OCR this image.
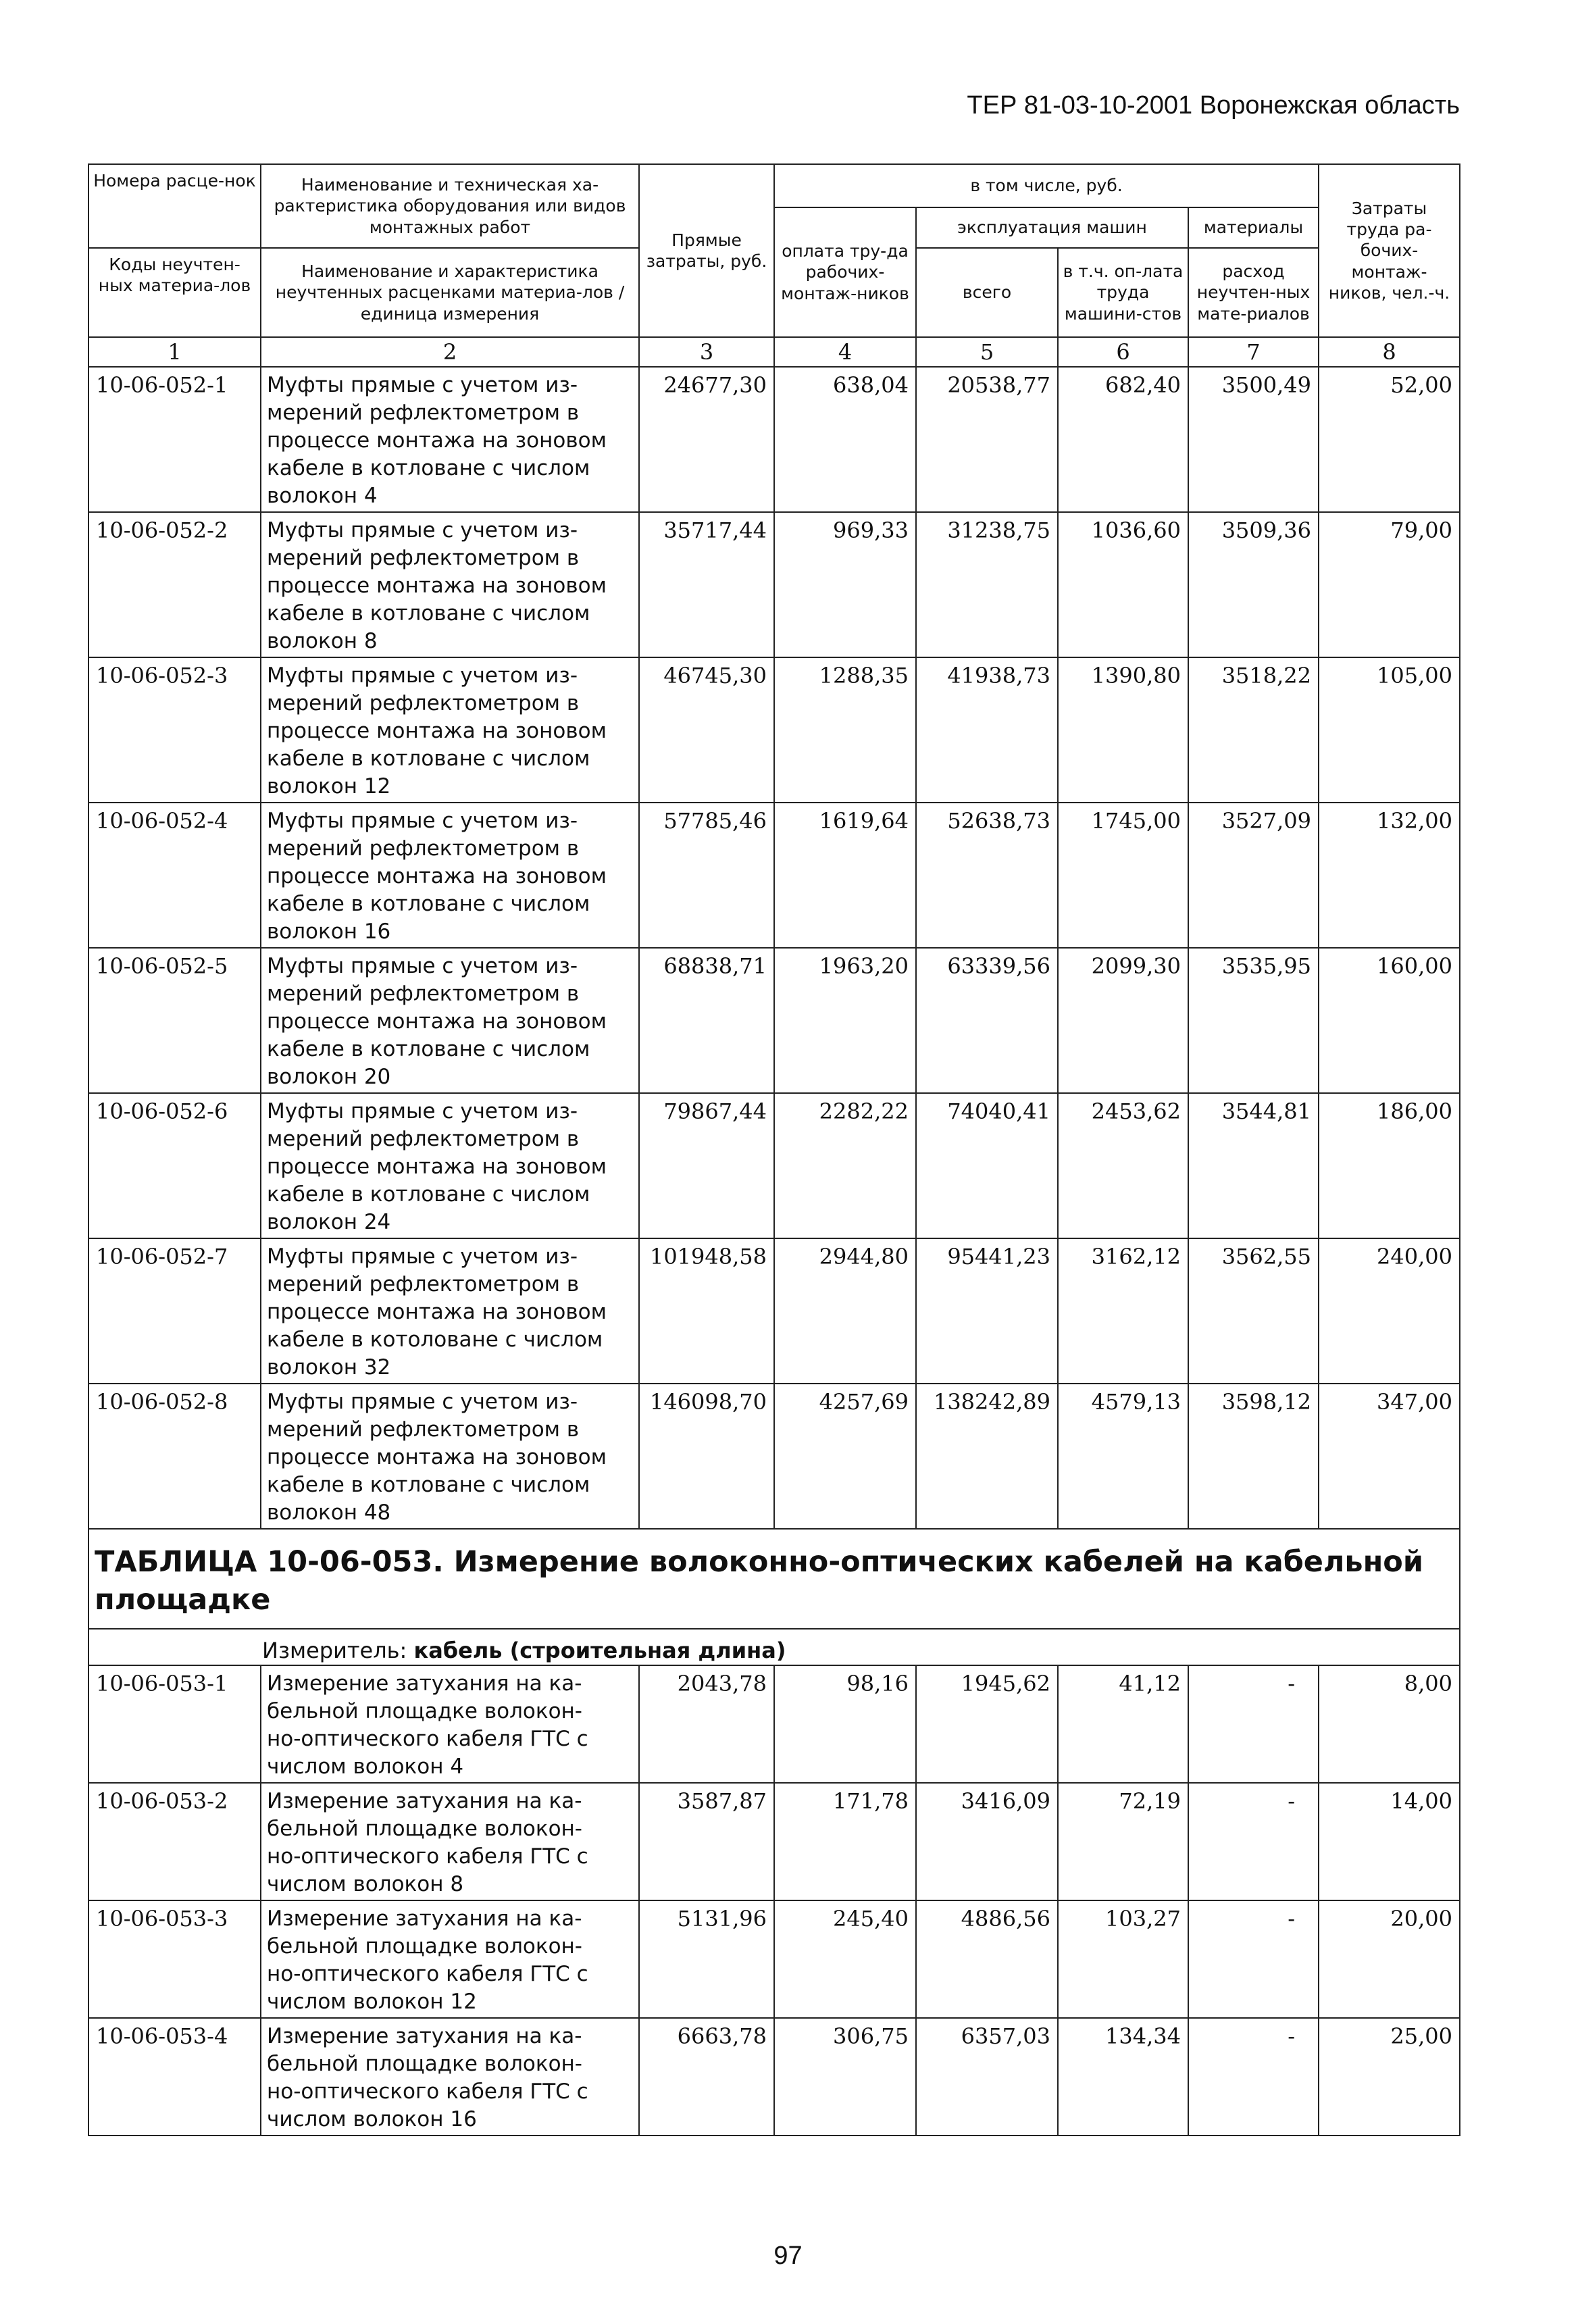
ТЕР 81-03-10-2001 Воронежская область
Номера расце-нок	Наименование и техническая ха-рактеристика оборудования или видов монтажных работ	Прямые затраты, руб.	в том числе, руб.				Затраты труда ра-бочих-монтаж-ников, чел.-ч.
			оплата тру-да рабочих-монтаж-ников	эксплуатация машин		материалы	
Коды неучтен-ных материа-лов	Наименование и характеристика неучтенных расценками материа-лов / единица измерения			всего	в т.ч. оп-лата труда машини-стов	расход неучтен-ных мате-риалов	

1	2	3	4	5	6	7	8
10-06-052-1	Муфты прямые с учетом из-
мерений рефлектометром в
процессе монтажа на зоновом
кабеле в котловане с числом
волокон 4	24677,30	638,04	20538,77	682,40	3500,49	52,00
10-06-052-2	Муфты прямые с учетом из-
мерений рефлектометром в
процессе монтажа на зоновом
кабеле в котловане с числом
волокон 8	35717,44	969,33	31238,75	1036,60	3509,36	79,00
10-06-052-3	Муфты прямые с учетом из-
мерений рефлектометром в
процессе монтажа на зоновом
кабеле в котловане с числом
волокон 12	46745,30	1288,35	41938,73	1390,80	3518,22	105,00
10-06-052-4	Муфты прямые с учетом из-
мерений рефлектометром в
процессе монтажа на зоновом
кабеле в котловане с числом
волокон 16	57785,46	1619,64	52638,73	1745,00	3527,09	132,00
10-06-052-5	Муфты прямые с учетом из-
мерений рефлектометром в
процессе монтажа на зоновом
кабеле в котловане с числом
волокон 20	68838,71	1963,20	63339,56	2099,30	3535,95	160,00
10-06-052-6	Муфты прямые с учетом из-
мерений рефлектометром в
процессе монтажа на зоновом
кабеле в котловане с числом
волокон 24	79867,44	2282,22	74040,41	2453,62	3544,81	186,00
10-06-052-7	Муфты прямые с учетом из-
мерений рефлектометром в
процессе монтажа на зоновом
кабеле в котоловане с числом
волокон 32	101948,58	2944,80	95441,23	3162,12	3562,55	240,00
10-06-052-8	Муфты прямые с учетом из-
мерений рефлектометром в
процессе монтажа на зоновом
кабеле в котловане с числом
волокон 48	146098,70	4257,69	138242,89	4579,13	3598,12	347,00

ТАБЛИЦА 10-06-053. Измерение волоконно-оптических кабелей на кабельной площадке							

Измеритель: кабель (строительная длина)							

10-06-053-1	Измерение затухания на ка-
бельной площадке волокон-
но-оптического кабеля ГТС с
числом волокон 4	2043,78	98,16	1945,62	41,12	-	8,00
10-06-053-2	Измерение затухания на ка-
бельной площадке волокон-
но-оптического кабеля ГТС с
числом волокон 8	3587,87	171,78	3416,09	72,19	-	14,00
10-06-053-3	Измерение затухания на ка-
бельной площадке волокон-
но-оптического кабеля ГТС с
числом волокон 12	5131,96	245,40	4886,56	103,27	-	20,00
10-06-053-4	Измерение затухания на ка-
бельной площадке волокон-
но-оптического кабеля ГТС с
числом волокон 16	6663,78	306,75	6357,03	134,34	-	25,00
97
